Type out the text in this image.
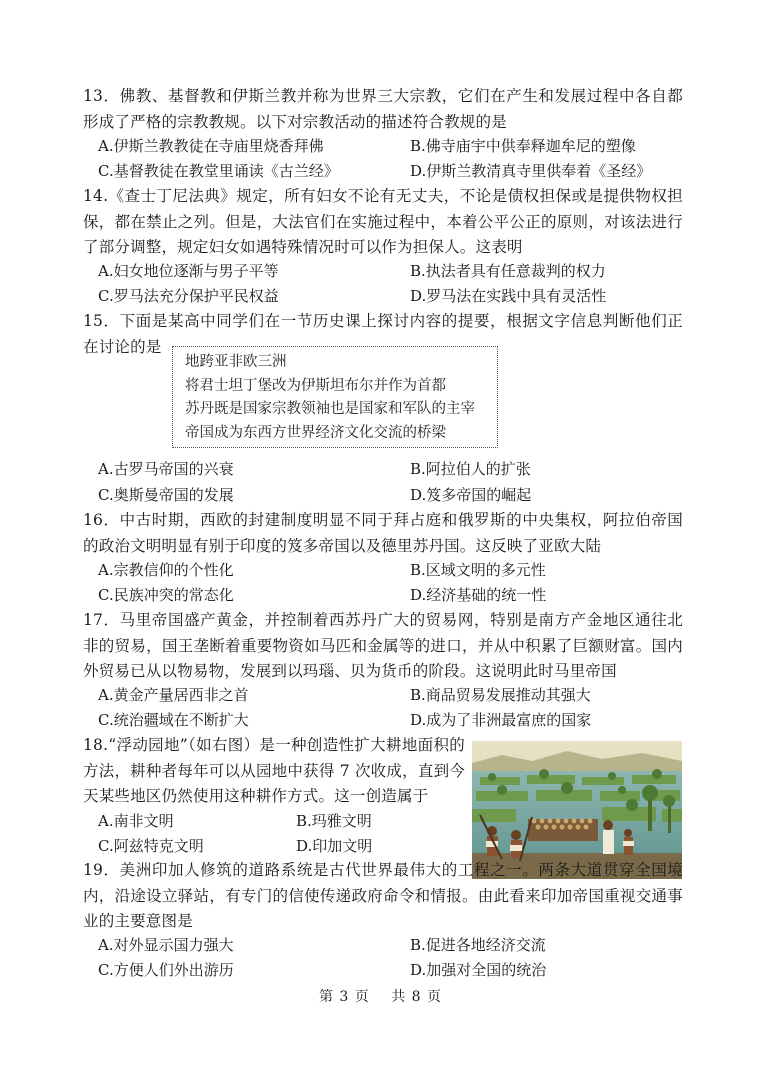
13．佛教、基督教和伊斯兰教并称为世界三大宗教，它们在产生和发展过程中各自都形成了严格的宗教教规。以下对宗教活动的描述符合教规的是
A.伊斯兰教教徒在寺庙里烧香拜佛	B.佛寺庙宇中供奉释迦牟尼的塑像
C.基督教徒在教堂里诵读《古兰经》	D.伊斯兰教清真寺里供奉着《圣经》
14.《查士丁尼法典》规定，所有妇女不论有无丈夫，不论是债权担保或是提供物权担保，都在禁止之列。但是，大法官们在实施过程中，本着公平公正的原则，对该法进行了部分调整，规定妇女如遇特殊情况时可以作为担保人。这表明
A.妇女地位逐渐与男子平等	B.执法者具有任意裁判的权力
C.罗马法充分保护平民权益	D.罗马法在实践中具有灵活性
15．下面是某高中同学们在一节历史课上探讨内容的提要，根据文字信息判断他们正在讨论的是
地跨亚非欧三洲
将君士坦丁堡改为伊斯坦布尔并作为首都
苏丹既是国家宗教领袖也是国家和军队的主宰
帝国成为东西方世界经济文化交流的桥梁
A.古罗马帝国的兴衰	B.阿拉伯人的扩张
C.奥斯曼帝国的发展	D.笈多帝国的崛起
16．中古时期，西欧的封建制度明显不同于拜占庭和俄罗斯的中央集权，阿拉伯帝国的政治文明明显有别于印度的笈多帝国以及德里苏丹国。这反映了亚欧大陆
A.宗教信仰的个性化	B.区域文明的多元性
C.民族冲突的常态化	D.经济基础的统一性
17．马里帝国盛产黄金，并控制着西苏丹广大的贸易网，特别是南方产金地区通往北非的贸易，国王垄断着重要物资如马匹和金属等的进口，并从中积累了巨额财富。国内外贸易已从以物易物，发展到以玛瑙、贝为货币的阶段。这说明此时马里帝国
A.黄金产量居西非之首	B.商品贸易发展推动其强大
C.统治疆域在不断扩大	D.成为了非洲最富庶的国家
18.“浮动园地”（如右图）是一种创造性扩大耕地面积的方法，耕种者每年可以从园地中获得 7 次收成，直到今天某些地区仍然使用这种耕作方式。这一创造属于
A.南非文明	B.玛雅文明
C.阿兹特克文明	D.印加文明
19．美洲印加人修筑的道路系统是古代世界最伟大的工程之一。两条大道贯穿全国境内，沿途设立驿站，有专门的信使传递政府命令和情报。由此看来印加帝国重视交通事业的主要意图是
A.对外显示国力强大	B.促进各地经济交流
C.方便人们外出游历	D.加强对全国的统治
第 3 页 共 8 页
